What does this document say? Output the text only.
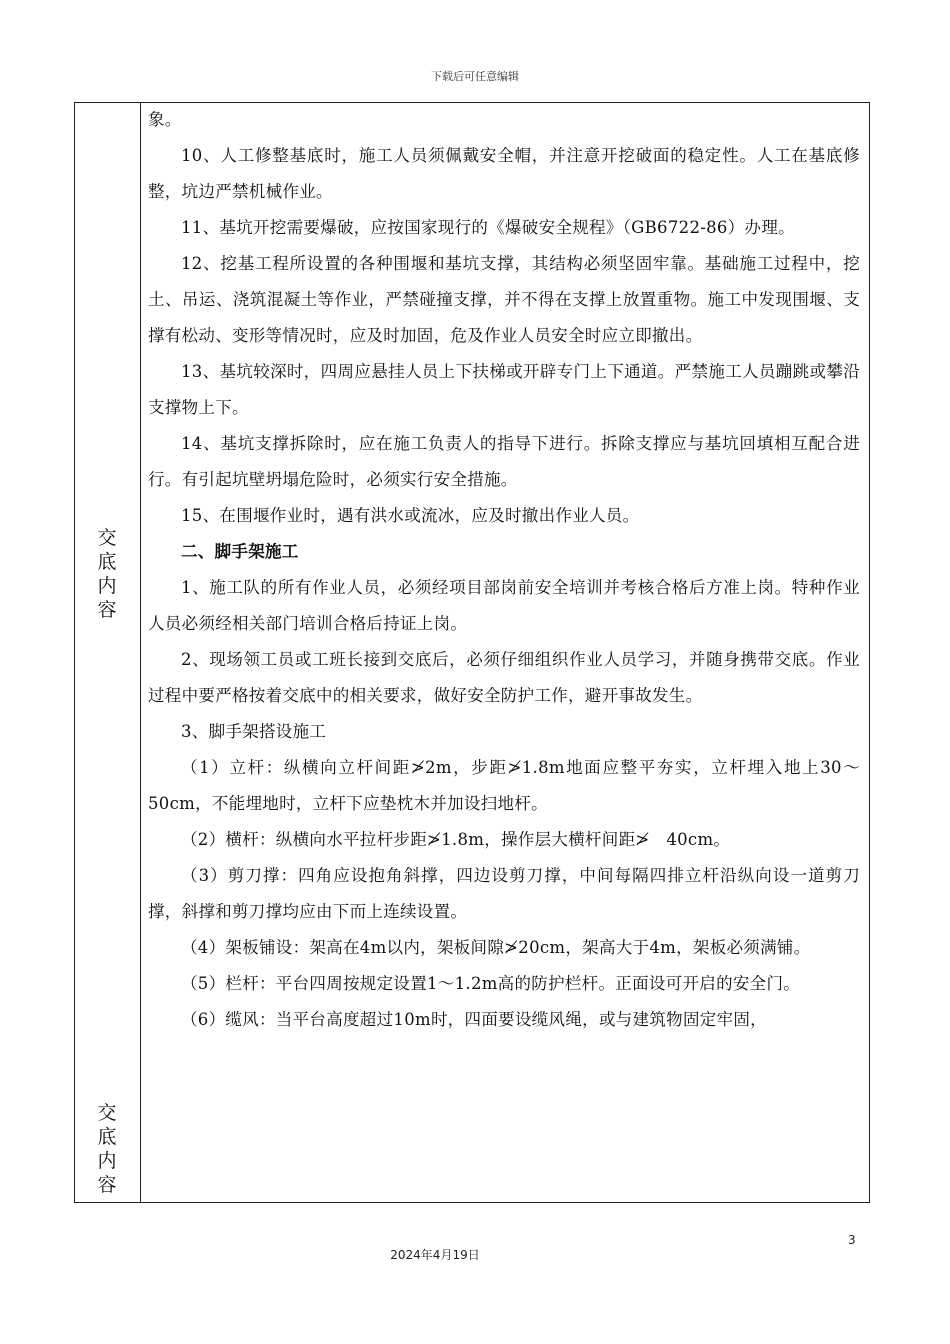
下载后可任意编辑
交
底
内
容
交
底
内
容

象。

10、人工修整基底时，施工人员须佩戴安全帽，并注意开挖破面的稳定性。人工在基底修整，坑边严禁机械作业。

11、基坑开挖需要爆破，应按国家现行的《爆破安全规程》（GB6722-86）办理。

12、挖基工程所设置的各种围堰和基坑支撑，其结构必须坚固牢靠。基础施工过程中，挖土、吊运、浇筑混凝土等作业，严禁碰撞支撑，并不得在支撑上放置重物。施工中发现围堰、支撑有松动、变形等情况时，应及时加固，危及作业人员安全时应立即撤出。

13、基坑较深时，四周应悬挂人员上下扶梯或开辟专门上下通道。严禁施工人员蹦跳或攀沿支撑物上下。

14、基坑支撑拆除时，应在施工负责人的指导下进行。拆除支撑应与基坑回填相互配合进行。有引起坑壁坍塌危险时，必须实行安全措施。

15、在围堰作业时，遇有洪水或流冰，应及时撤出作业人员。

二、脚手架施工

1、施工队的所有作业人员，必须经项目部岗前安全培训并考核合格后方准上岗。特种作业人员必须经相关部门培训合格后持证上岗。

2、现场领工员或工班长接到交底后，必须仔细组织作业人员学习，并随身携带交底。作业过程中要严格按着交底中的相关要求，做好安全防护工作，避开事故发生。

3、脚手架搭设施工

（1）立杆：纵横向立杆间距≯2m，步距≯1.8m地面应整平夯实，立杆埋入地上30～50cm，不能埋地时，立杆下应垫枕木并加设扫地杆。

（2）横杆：纵横向水平拉杆步距≯1.8m，操作层大横杆间距≯　40cm。

（3）剪刀撑：四角应设抱角斜撑，四边设剪刀撑，中间每隔四排立杆沿纵向设一道剪刀撑，斜撑和剪刀撑均应由下而上连续设置。

（4）架板铺设：架高在4m以内，架板间隙≯20cm，架高大于4m，架板必须满铺。

（5）栏杆：平台四周按规定设置1～1.2m高的防护栏杆。正面设可开启的安全门。

（6）缆风：当平台高度超过10m时，四面要设缆风绳，或与建筑物固定牢固，

3
2024年4月19日
